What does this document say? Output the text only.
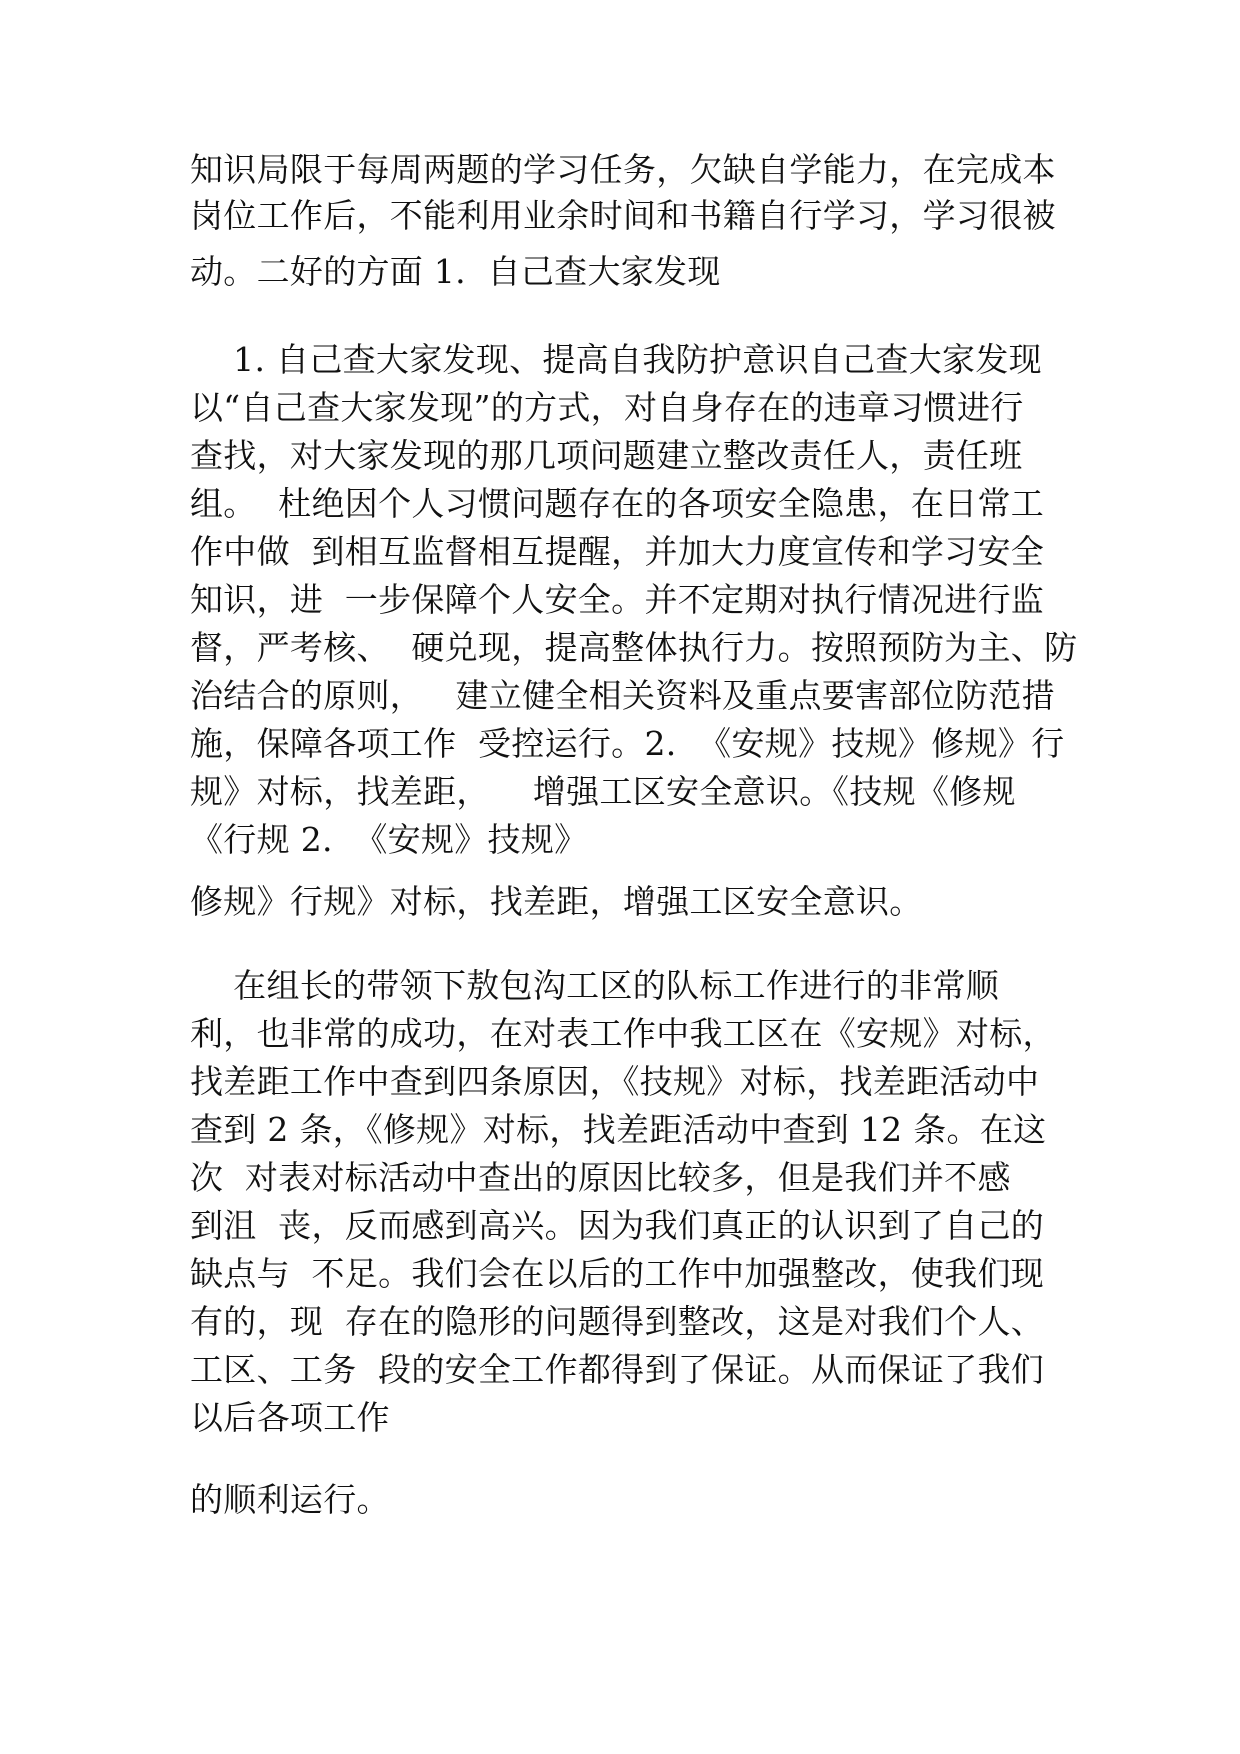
知识局限于每周两题的学习任务，欠缺自学能力，在完成本

岗位工作后，不能利用业余时间和书籍自行学习，学习很被

动。二好的方面 1.  自己查大家发现

1. 自己查大家发现、提高自我防护意识自己查大家发现

以“自己查大家发现”的方式，对自身存在的违章习惯进行

查找，对大家发现的那几项问题建立整改责任人，责任班

组。  杜绝因个人习惯问题存在的各项安全隐患，在日常工

作中做  到相互监督相互提醒，并加大力度宣传和学习安全

知识，进  一步保障个人安全。并不定期对执行情况进行监

督，严考核、  硬兑现，提高整体执行力。按照预防为主、防

治结合的原则，   建立健全相关资料及重点要害部位防范措

施，保障各项工作  受控运行。2.  《安规》技规》修规》行

规》对标，找差距，    增强工区安全意识。《技规《修规

《行规 2.  《安规》技规》

修规》行规》对标，找差距，增强工区安全意识。

在组长的带领下敖包沟工区的队标工作进行的非常顺

利，也非常的成功，在对表工作中我工区在《安规》对标，

找差距工作中查到四条原因，《技规》对标，找差距活动中

查到 2 条，《修规》对标，找差距活动中查到 12 条。在这

次  对表对标活动中查出的原因比较多，但是我们并不感

到沮  丧，反而感到高兴。因为我们真正的认识到了自己的

缺点与  不足。我们会在以后的工作中加强整改，使我们现

有的，现  存在的隐形的问题得到整改，这是对我们个人、

工区、工务  段的安全工作都得到了保证。从而保证了我们

以后各项工作

的顺利运行。
